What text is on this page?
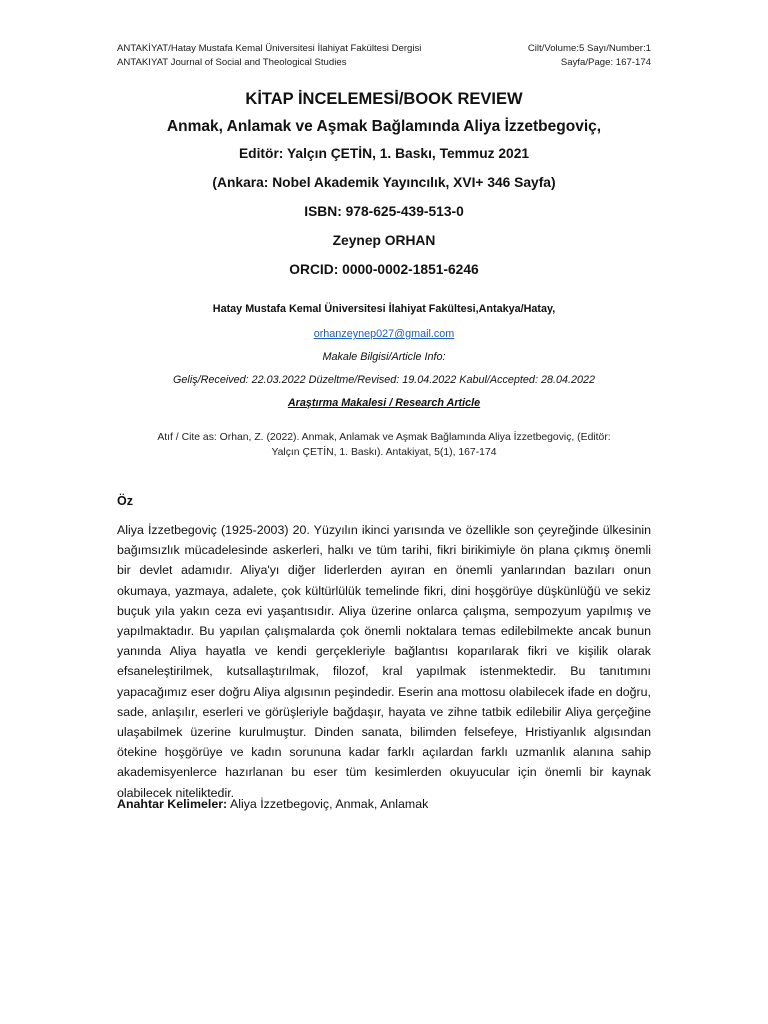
ANTAKİYAT/Hatay Mustafa Kemal Üniversitesi İlahiyat Fakültesi Dergisi	Cilt/Volume:5 Sayı/Number:1
ANTAKIYAT Journal of Social and Theological Studies	Sayfa/Page: 167-174
KİTAP İNCELEMESİ/BOOK REVIEW
Anmak, Anlamak ve Aşmak Bağlamında Aliya İzzetbegoviç,
Editör: Yalçın ÇETİN, 1. Baskı, Temmuz 2021
(Ankara: Nobel Akademik Yayıncılık, XVI+ 346 Sayfa)
ISBN: 978-625-439-513-0
Zeynep ORHAN
ORCID: 0000-0002-1851-6246
Hatay Mustafa Kemal Üniversitesi İlahiyat Fakültesi,Antakya/Hatay,
orhanzeynep027@gmail.com
Makale Bilgisi/Article Info:
Geliş/Received: 22.03.2022 Düzeltme/Revised: 19.04.2022 Kabul/Accepted: 28.04.2022
Araştırma Makalesi / Research Article
Atıf / Cite as: Orhan, Z. (2022). Anmak, Anlamak ve Aşmak Bağlamında Aliya İzzetbegoviç, (Editör:
Yalçın ÇETİN, 1. Baskı). Antakiyat, 5(1), 167-174
Öz
Aliya İzzetbegoviç (1925-2003) 20. Yüzyılın ikinci yarısında ve özellikle son çeyreğinde ülkesinin bağımsızlık mücadelesinde askerleri, halkı ve tüm tarihi, fikri birikimiyle ön plana çıkmış önemli bir devlet adamıdır. Aliya'yı diğer liderlerden ayıran en önemli yanlarından bazıları onun okumaya, yazmaya, adalete, çok kültürlülük temelinde fikri, dini hoşgörüye düşkünlüğü ve sekiz buçuk yıla yakın ceza evi yaşantısıdır. Aliya üzerine onlarca çalışma, sempozyum yapılmış ve yapılmaktadır. Bu yapılan çalışmalarda çok önemli noktalara temas edilebilmekte ancak bunun yanında Aliya hayatla ve kendi gerçekleriyle bağlantısı koparılarak fikri ve kişilik olarak efsaneleştirilmek, kutsallaştırılmak, filozof, kral yapılmak istenmektedir. Bu tanıtımını yapacağımız eser doğru Aliya algısının peşindedir. Eserin ana mottosu olabilecek ifade en doğru, sade, anlaşılır, eserleri ve görüşleriyle bağdaşır, hayata ve zihne tatbik edilebilir Aliya gerçeğine ulaşabilmek üzerine kurulmuştur. Dinden sanata, bilimden felsefeye, Hristiyanlık algısından ötekine hoşgörüye ve kadın sorununa kadar farklı açılardan farklı uzmanlık alanına sahip akademisyenlerce hazırlanan bu eser tüm kesimlerden okuyucular için önemli bir kaynak olabilecek niteliktedir.
Anahtar Kelimeler: Aliya İzzetbegoviç, Anmak, Anlamak
